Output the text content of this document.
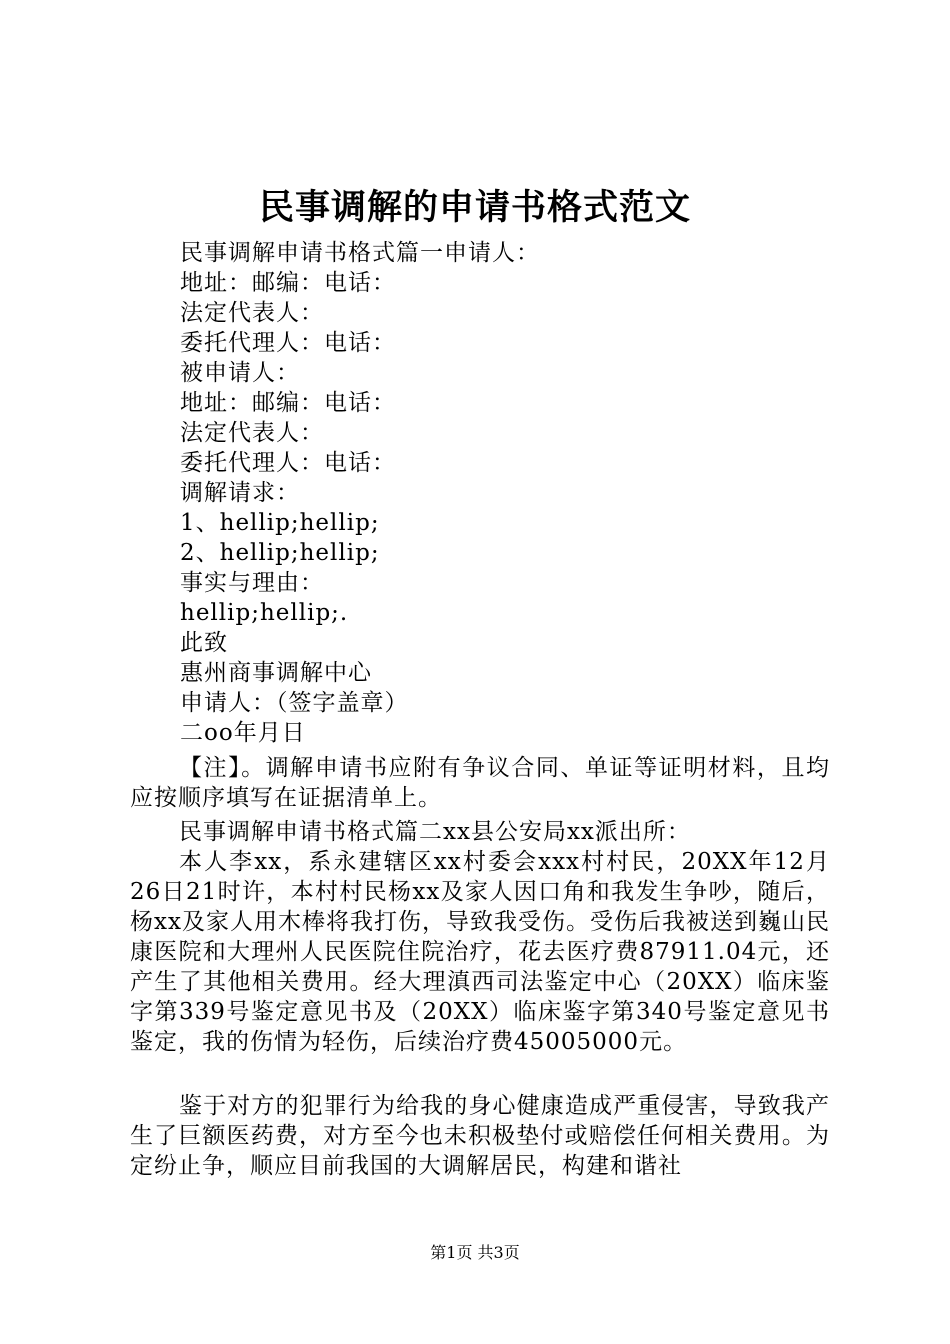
民事调解的申请书格式范文
民事调解申请书格式篇一申请人：
地址：邮编：电话：
法定代表人：
委托代理人：电话：
被申请人：
地址：邮编：电话：
法定代表人：
委托代理人：电话：
调解请求：
1、hellip;hellip;
2、hellip;hellip;
事实与理由：
hellip;hellip;.
此致
惠州商事调解中心
申请人：（签字盖章）
二oo年月日
【注】。调解申请书应附有争议合同、单证等证明材料，且均应按顺序填写在证据清单上。
民事调解申请书格式篇二xx县公安局xx派出所：
本人李xx，系永建辖区xx村委会xxx村村民，20XX年12月26日21时许，本村村民杨xx及家人因口角和我发生争吵，随后，杨xx及家人用木棒将我打伤，导致我受伤。受伤后我被送到巍山民康医院和大理州人民医院住院治疗，花去医疗费87911.04元，还产生了其他相关费用。经大理滇西司法鉴定中心（20XX）临床鉴字第339号鉴定意见书及（20XX）临床鉴字第340号鉴定意见书鉴定，我的伤情为轻伤，后续治疗费45005000元。
鉴于对方的犯罪行为给我的身心健康造成严重侵害，导致我产生了巨额医药费，对方至今也未积极垫付或赔偿任何相关费用。为定纷止争，顺应目前我国的大调解居民，构建和谐社
第1页 共3页
